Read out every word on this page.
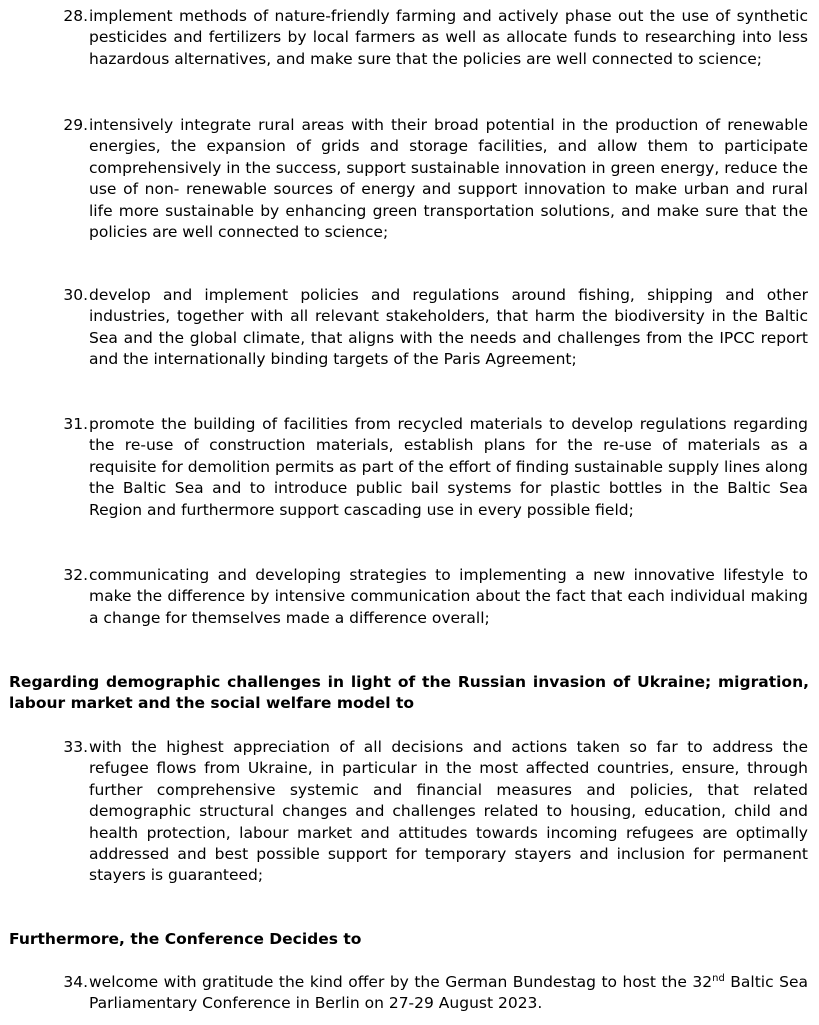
28. implement methods of nature-friendly farming and actively phase out the use of synthetic pesticides and fertilizers by local farmers as well as allocate funds to researching into less hazardous alternatives, and make sure that the policies are well connected to science;
29. intensively integrate rural areas with their broad potential in the production of renewable energies, the expansion of grids and storage facilities, and allow them to participate comprehensively in the success, support sustainable innovation in green energy, reduce the use of non- renewable sources of energy and support innovation to make urban and rural life more sustainable by enhancing green transportation solutions, and make sure that the policies are well connected to science;
30. develop and implement policies and regulations around fishing, shipping and other industries, together with all relevant stakeholders, that harm the biodiversity in the Baltic Sea and the global climate, that aligns with the needs and challenges from the IPCC report and the internationally binding targets of the Paris Agreement;
31. promote the building of facilities from recycled materials to develop regulations regarding the re-use of construction materials, establish plans for the re-use of materials as a requisite for demolition permits as part of the effort of finding sustainable supply lines along the Baltic Sea and to introduce public bail systems for plastic bottles in the Baltic Sea Region and furthermore support cascading use in every possible field;
32. communicating and developing strategies to implementing a new innovative lifestyle to make the difference by intensive communication about the fact that each individual making a change for themselves made a difference overall;
Regarding demographic challenges in light of the Russian invasion of Ukraine; migration, labour market and the social welfare model to
33. with the highest appreciation of all decisions and actions taken so far to address the refugee flows from Ukraine, in particular in the most affected countries, ensure, through further comprehensive systemic and financial measures and policies, that related demographic structural changes and challenges related to housing, education, child and health protection, labour market and attitudes towards incoming refugees are optimally addressed and best possible support for temporary stayers and inclusion for permanent stayers is guaranteed;
Furthermore, the Conference Decides to
34. welcome with gratitude the kind offer by the German Bundestag to host the 32nd Baltic Sea Parliamentary Conference in Berlin on 27-29 August 2023.
